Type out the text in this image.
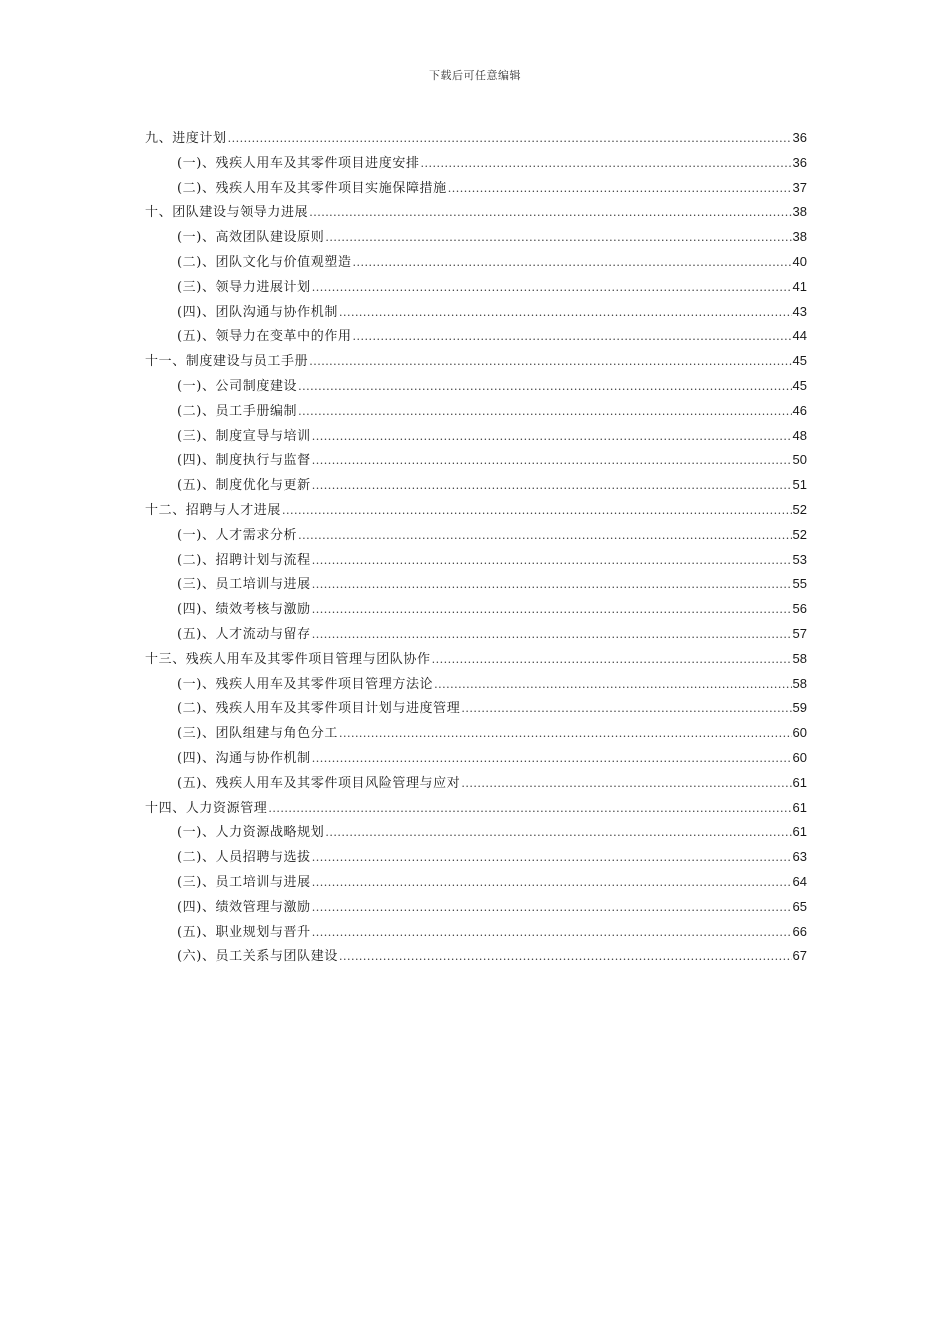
下载后可任意编辑
九、进度计划 .....	36
(一)、残疾人用车及其零件项目进度安排 .....	36
(二)、残疾人用车及其零件项目实施保障措施 .....	37
十、团队建设与领导力进展 .....	38
(一)、高效团队建设原则 .....	38
(二)、团队文化与价值观塑造 .....	40
(三)、领导力进展计划 .....	41
(四)、团队沟通与协作机制 .....	43
(五)、领导力在变革中的作用 .....	44
十一、制度建设与员工手册 .....	45
(一)、公司制度建设 .....	45
(二)、员工手册编制 .....	46
(三)、制度宣导与培训 .....	48
(四)、制度执行与监督 .....	50
(五)、制度优化与更新 .....	51
十二、招聘与人才进展 .....	52
(一)、人才需求分析 .....	52
(二)、招聘计划与流程 .....	53
(三)、员工培训与进展 .....	55
(四)、绩效考核与激励 .....	56
(五)、人才流动与留存 .....	57
十三、残疾人用车及其零件项目管理与团队协作 .....	58
(一)、残疾人用车及其零件项目管理方法论 .....	58
(二)、残疾人用车及其零件项目计划与进度管理 .....	59
(三)、团队组建与角色分工 .....	60
(四)、沟通与协作机制 .....	60
(五)、残疾人用车及其零件项目风险管理与应对 .....	61
十四、人力资源管理 .....	61
(一)、人力资源战略规划 .....	61
(二)、人员招聘与选拔 .....	63
(三)、员工培训与进展 .....	64
(四)、绩效管理与激励 .....	65
(五)、职业规划与晋升 .....	66
(六)、员工关系与团队建设 .....	67
